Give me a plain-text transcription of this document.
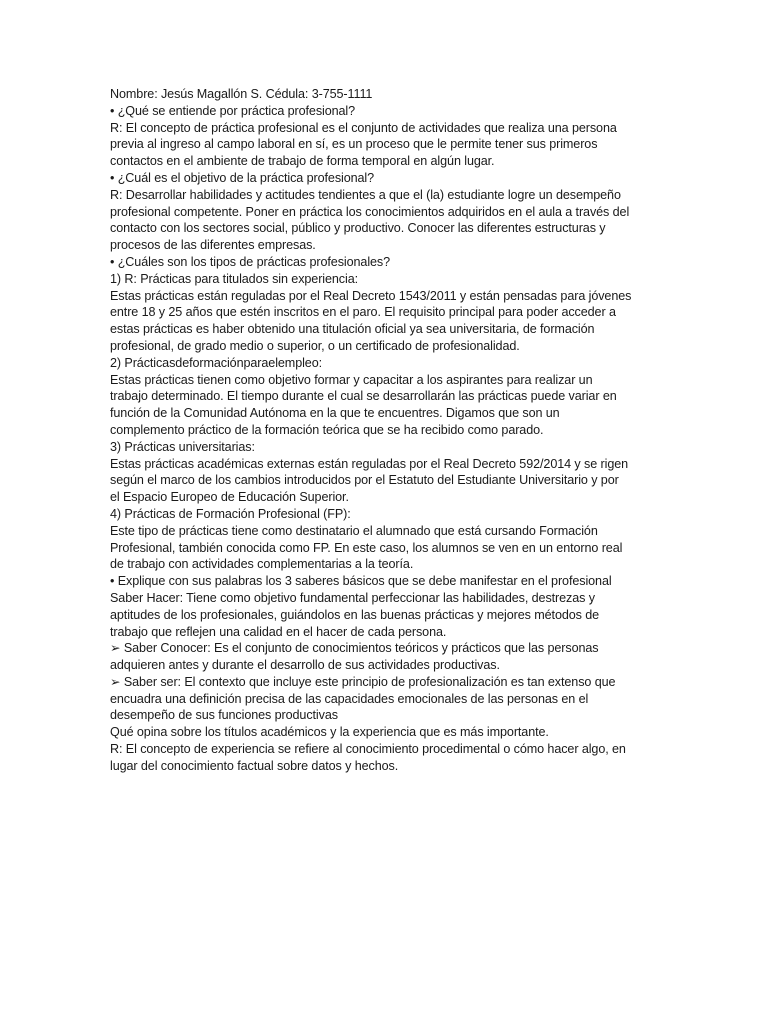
Nombre: Jesús Magallón S. Cédula: 3-755-1111
• ¿Qué se entiende por práctica profesional?
R: El concepto de práctica profesional es el conjunto de actividades que realiza una persona
previa al ingreso al campo laboral en sí, es un proceso que le permite tener sus primeros
contactos en el ambiente de trabajo de forma temporal en algún lugar.
• ¿Cuál es el objetivo de la práctica profesional?
R: Desarrollar habilidades y actitudes tendientes a que el (la) estudiante logre un desempeño
profesional competente. Poner en práctica los conocimientos adquiridos en el aula a través del
contacto con los sectores social, público y productivo. Conocer las diferentes estructuras y
procesos de las diferentes empresas.
• ¿Cuáles son los tipos de prácticas profesionales?
1) R: Prácticas para titulados sin experiencia:
Estas prácticas están reguladas por el Real Decreto 1543/2011 y están pensadas para jóvenes
entre 18 y 25 años que estén inscritos en el paro. El requisito principal para poder acceder a
estas prácticas es haber obtenido una titulación oficial ya sea universitaria, de formación
profesional, de grado medio o superior, o un certificado de profesionalidad.
2) Prácticasdeformaciónparaelempleo:
Estas prácticas tienen como objetivo formar y capacitar a los aspirantes para realizar un
trabajo determinado. El tiempo durante el cual se desarrollarán las prácticas puede variar en
función de la Comunidad Autónoma en la que te encuentres. Digamos que son un
complemento práctico de la formación teórica que se ha recibido como parado.
3) Prácticas universitarias:
Estas prácticas académicas externas están reguladas por el Real Decreto 592/2014 y se rigen
según el marco de los cambios introducidos por el Estatuto del Estudiante Universitario y por
el Espacio Europeo de Educación Superior.
4) Prácticas de Formación Profesional (FP):
Este tipo de prácticas tiene como destinatario el alumnado que está cursando Formación
Profesional, también conocida como FP. En este caso, los alumnos se ven en un entorno real
de trabajo con actividades complementarias a la teoría.
• Explique con sus palabras los 3 saberes básicos que se debe manifestar en el profesional
Saber Hacer: Tiene como objetivo fundamental perfeccionar las habilidades, destrezas y
aptitudes de los profesionales, guiándolos en las buenas prácticas y mejores métodos de
trabajo que reflejen una calidad en el hacer de cada persona.
➢ Saber Conocer: Es el conjunto de conocimientos teóricos y prácticos que las personas
adquieren antes y durante el desarrollo de sus actividades productivas.
➢ Saber ser: El contexto que incluye este principio de profesionalización es tan extenso que
encuadra una definición precisa de las capacidades emocionales de las personas en el
desempeño de sus funciones productivas
Qué opina sobre los títulos académicos y la experiencia que es más importante.
R: El concepto de experiencia se refiere al conocimiento procedimental o cómo hacer algo, en
lugar del conocimiento factual sobre datos y hechos.
